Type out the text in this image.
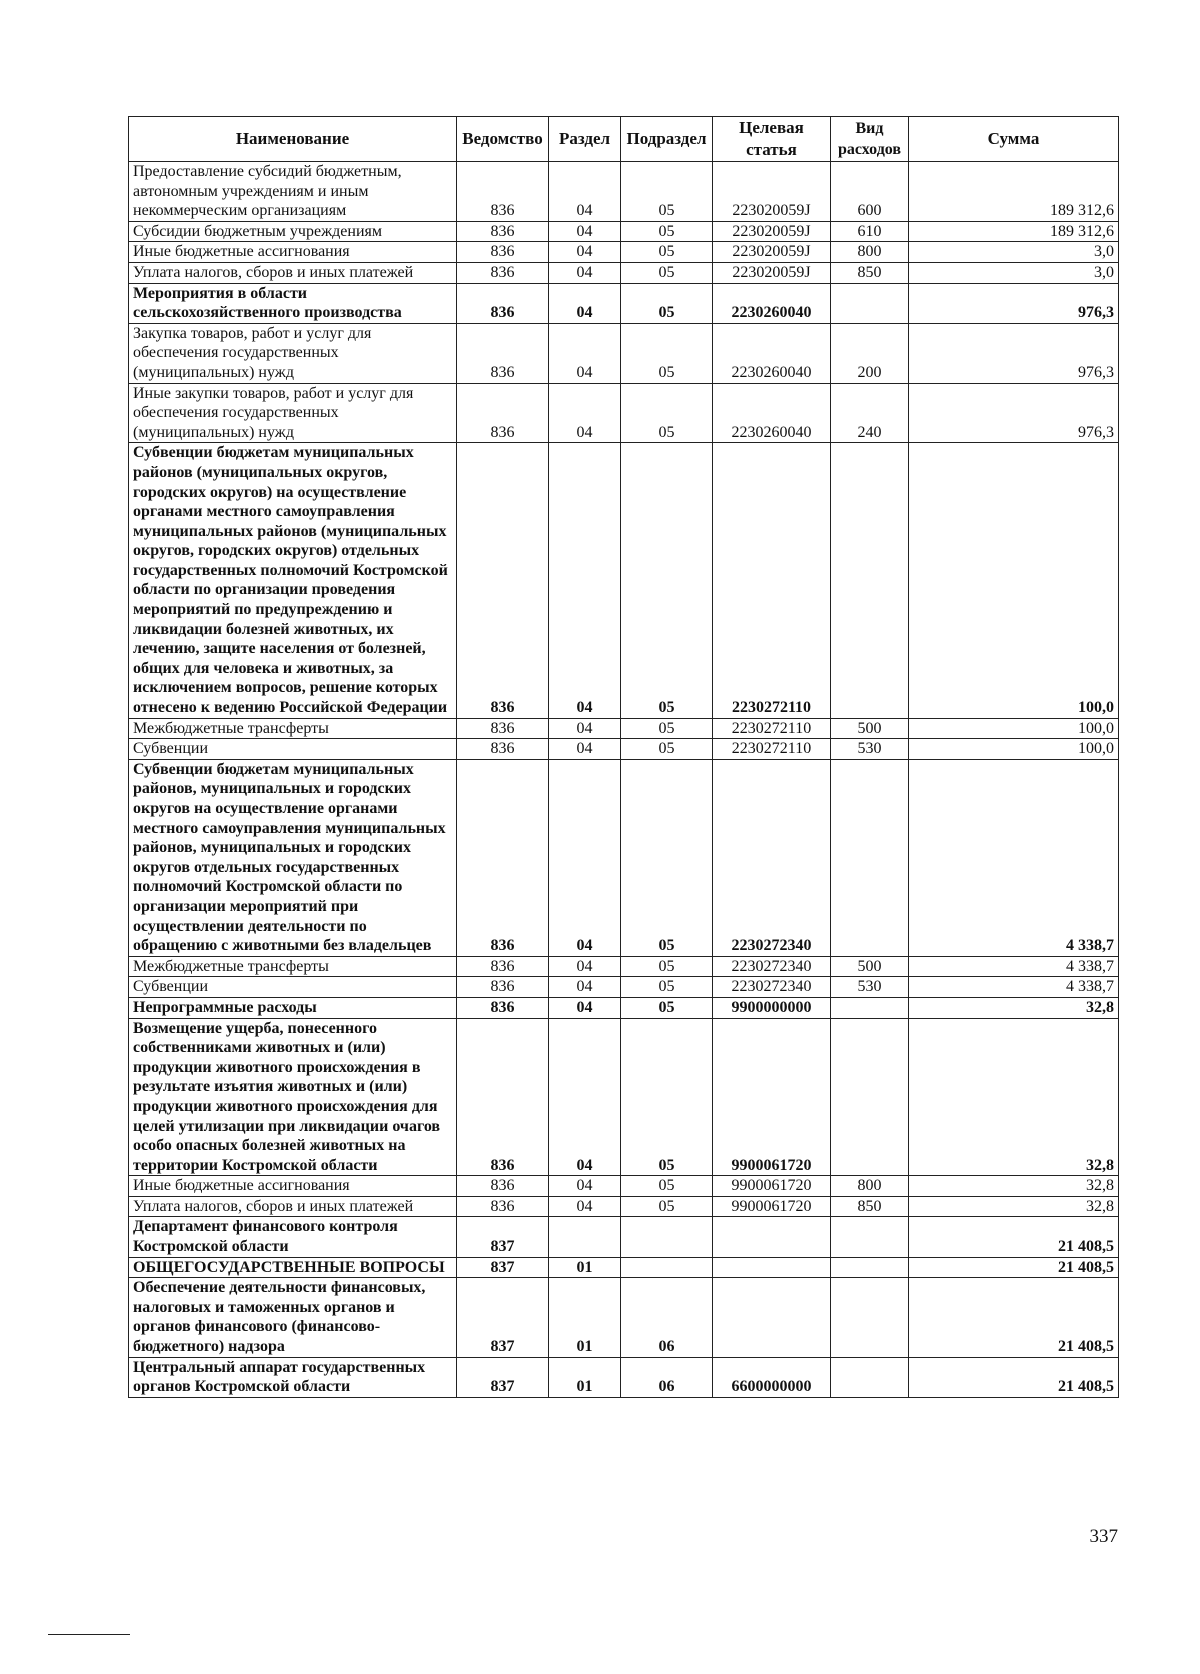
Наименование	Ведомство	Раздел	Подраздел	Целевая статья	Вид расходов	Сумма
Предоставление субсидий бюджетным, автономным учреждениям и иным некоммерческим организациям	836	04	05	223020059J	600	189 312,6
Субсидии бюджетным учреждениям	836	04	05	223020059J	610	189 312,6
Иные бюджетные ассигнования	836	04	05	223020059J	800	3,0
Уплата налогов, сборов и иных платежей	836	04	05	223020059J	850	3,0
Мероприятия в области сельскохозяйственного производства	836	04	05	2230260040		976,3
Закупка товаров, работ и услуг для обеспечения государственных (муниципальных) нужд	836	04	05	2230260040	200	976,3
Иные закупки товаров, работ и услуг для обеспечения государственных (муниципальных) нужд	836	04	05	2230260040	240	976,3
Субвенции бюджетам муниципальных районов (муниципальных округов, городских округов) на осуществление органами местного самоуправления муниципальных районов (муниципальных округов, городских округов) отдельных государственных полномочий Костромской области по организации проведения мероприятий по предупреждению и ликвидации болезней животных, их лечению, защите населения от болезней, общих для человека и животных, за исключением вопросов, решение которых отнесено к ведению Российской Федерации	836	04	05	2230272110		100,0
Межбюджетные трансферты	836	04	05	2230272110	500	100,0
Субвенции	836	04	05	2230272110	530	100,0
Субвенции бюджетам муниципальных районов, муниципальных и городских округов на осуществление органами местного самоуправления муниципальных районов, муниципальных и городских округов отдельных государственных полномочий Костромской области по организации мероприятий при осуществлении деятельности по обращению с животными без владельцев	836	04	05	2230272340		4 338,7
Межбюджетные трансферты	836	04	05	2230272340	500	4 338,7
Субвенции	836	04	05	2230272340	530	4 338,7
Непрограммные расходы	836	04	05	9900000000		32,8
Возмещение ущерба, понесенного собственниками животных и (или) продукции животного происхождения в результате изъятия животных и (или) продукции животного происхождения для целей утилизации при ликвидации очагов особо опасных болезней животных на территории Костромской области	836	04	05	9900061720		32,8
Иные бюджетные ассигнования	836	04	05	9900061720	800	32,8
Уплата налогов, сборов и иных платежей	836	04	05	9900061720	850	32,8
Департамент финансового контроля Костромской области	837					21 408,5
ОБЩЕГОСУДАРСТВЕННЫЕ ВОПРОСЫ	837	01				21 408,5
Обеспечение деятельности финансовых, налоговых и таможенных органов и органов финансового (финансово-бюджетного) надзора	837	01	06			21 408,5
Центральный аппарат государственных органов Костромской области	837	01	06	6600000000		21 408,5
337
